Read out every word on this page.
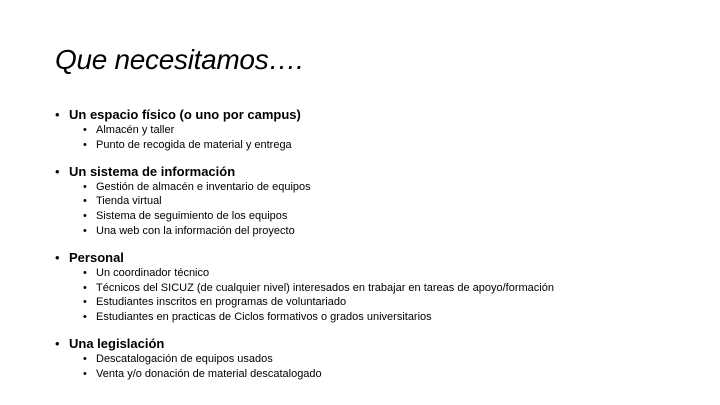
Que necesitamos….
• Un espacio físico (o uno por campus)
• Almacén y taller
• Punto de recogida de material y entrega
• Un sistema de información
• Gestión de almacén e inventario de equipos
• Tienda virtual
• Sistema de seguimiento de los equipos
• Una web con la información del proyecto
• Personal
• Un coordinador técnico
• Técnicos del SICUZ (de cualquier nivel) interesados en trabajar en tareas de apoyo/formación
• Estudiantes inscritos en programas de voluntariado
• Estudiantes en practicas de Ciclos formativos o grados universitarios
• Una legislación
• Descatalogación de equipos usados
• Venta y/o donación de material descatalogado
